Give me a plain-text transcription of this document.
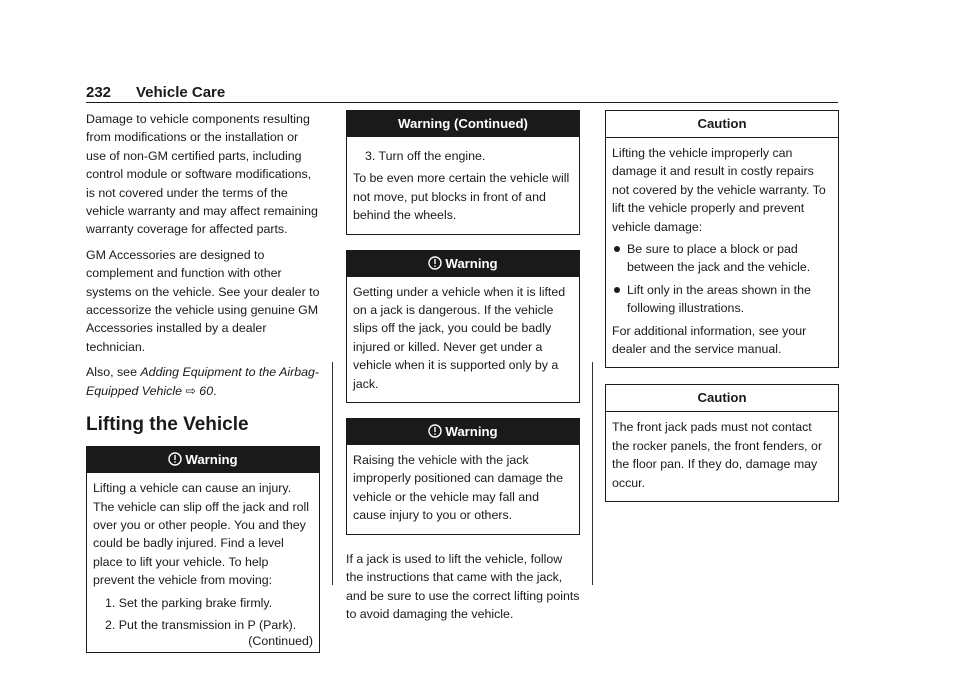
232 Vehicle Care

Damage to vehicle components resulting from modifications or the installation or use of non-GM certified parts, including control module or software modifications, is not covered under the terms of the vehicle warranty and may affect remaining warranty coverage for affected parts.

GM Accessories are designed to complement and function with other systems on the vehicle. See your dealer to accessorize the vehicle using genuine GM Accessories installed by a dealer technician.

Also, see Adding Equipment to the Airbag-Equipped Vehicle ⇨ 60.

Lifting the Vehicle
Warning

Lifting a vehicle can cause an injury. The vehicle can slip off the jack and roll over you or other people. You and they could be badly injured. Find a level place to lift your vehicle. To help prevent the vehicle from moving:

1. Set the parking brake firmly.
2. Put the transmission in P (Park).
(Continued)
Warning (Continued)
3. Turn off the engine.

To be even more certain the vehicle will not move, put blocks in front of and behind the wheels.

Warning

Getting under a vehicle when it is lifted on a jack is dangerous. If the vehicle slips off the jack, you could be badly injured or killed. Never get under a vehicle when it is supported only by a jack.

Warning

Raising the vehicle with the jack improperly positioned can damage the vehicle or the vehicle may fall and cause injury to you or others.

If a jack is used to lift the vehicle, follow the instructions that came with the jack, and be sure to use the correct lifting points to avoid damaging the vehicle.

Caution

Lifting the vehicle improperly can damage it and result in costly repairs not covered by the vehicle warranty. To lift the vehicle properly and prevent vehicle damage:

Be sure to place a block or pad between the jack and the vehicle.
Lift only in the areas shown in the following illustrations.

For additional information, see your dealer and the service manual.

Caution

The front jack pads must not contact the rocker panels, the front fenders, or the floor pan. If they do, damage may occur.
